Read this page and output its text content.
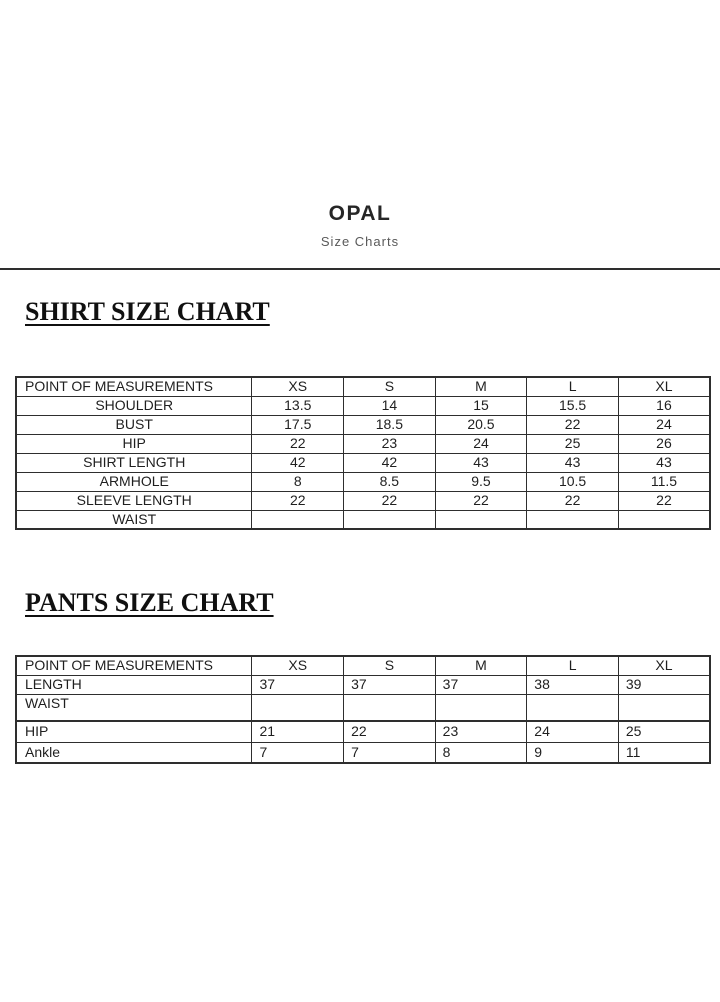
OPAL
Size Charts
SHIRT SIZE CHART
POINT OF MEASUREMENTS	XS	S	M	L	XL
SHOULDER	13.5	14	15	15.5	16
BUST	17.5	18.5	20.5	22	24
HIP	22	23	24	25	26
SHIRT LENGTH	42	42	43	43	43
ARMHOLE	8	8.5	9.5	10.5	11.5
SLEEVE LENGTH	22	22	22	22	22
WAIST					
PANTS SIZE CHART
POINT OF MEASUREMENTS	XS	S	M	L	XL
LENGTH	37	37	37	38	39
WAIST					
HIP	21	22	23	24	25
Ankle	7	7	8	9	11
